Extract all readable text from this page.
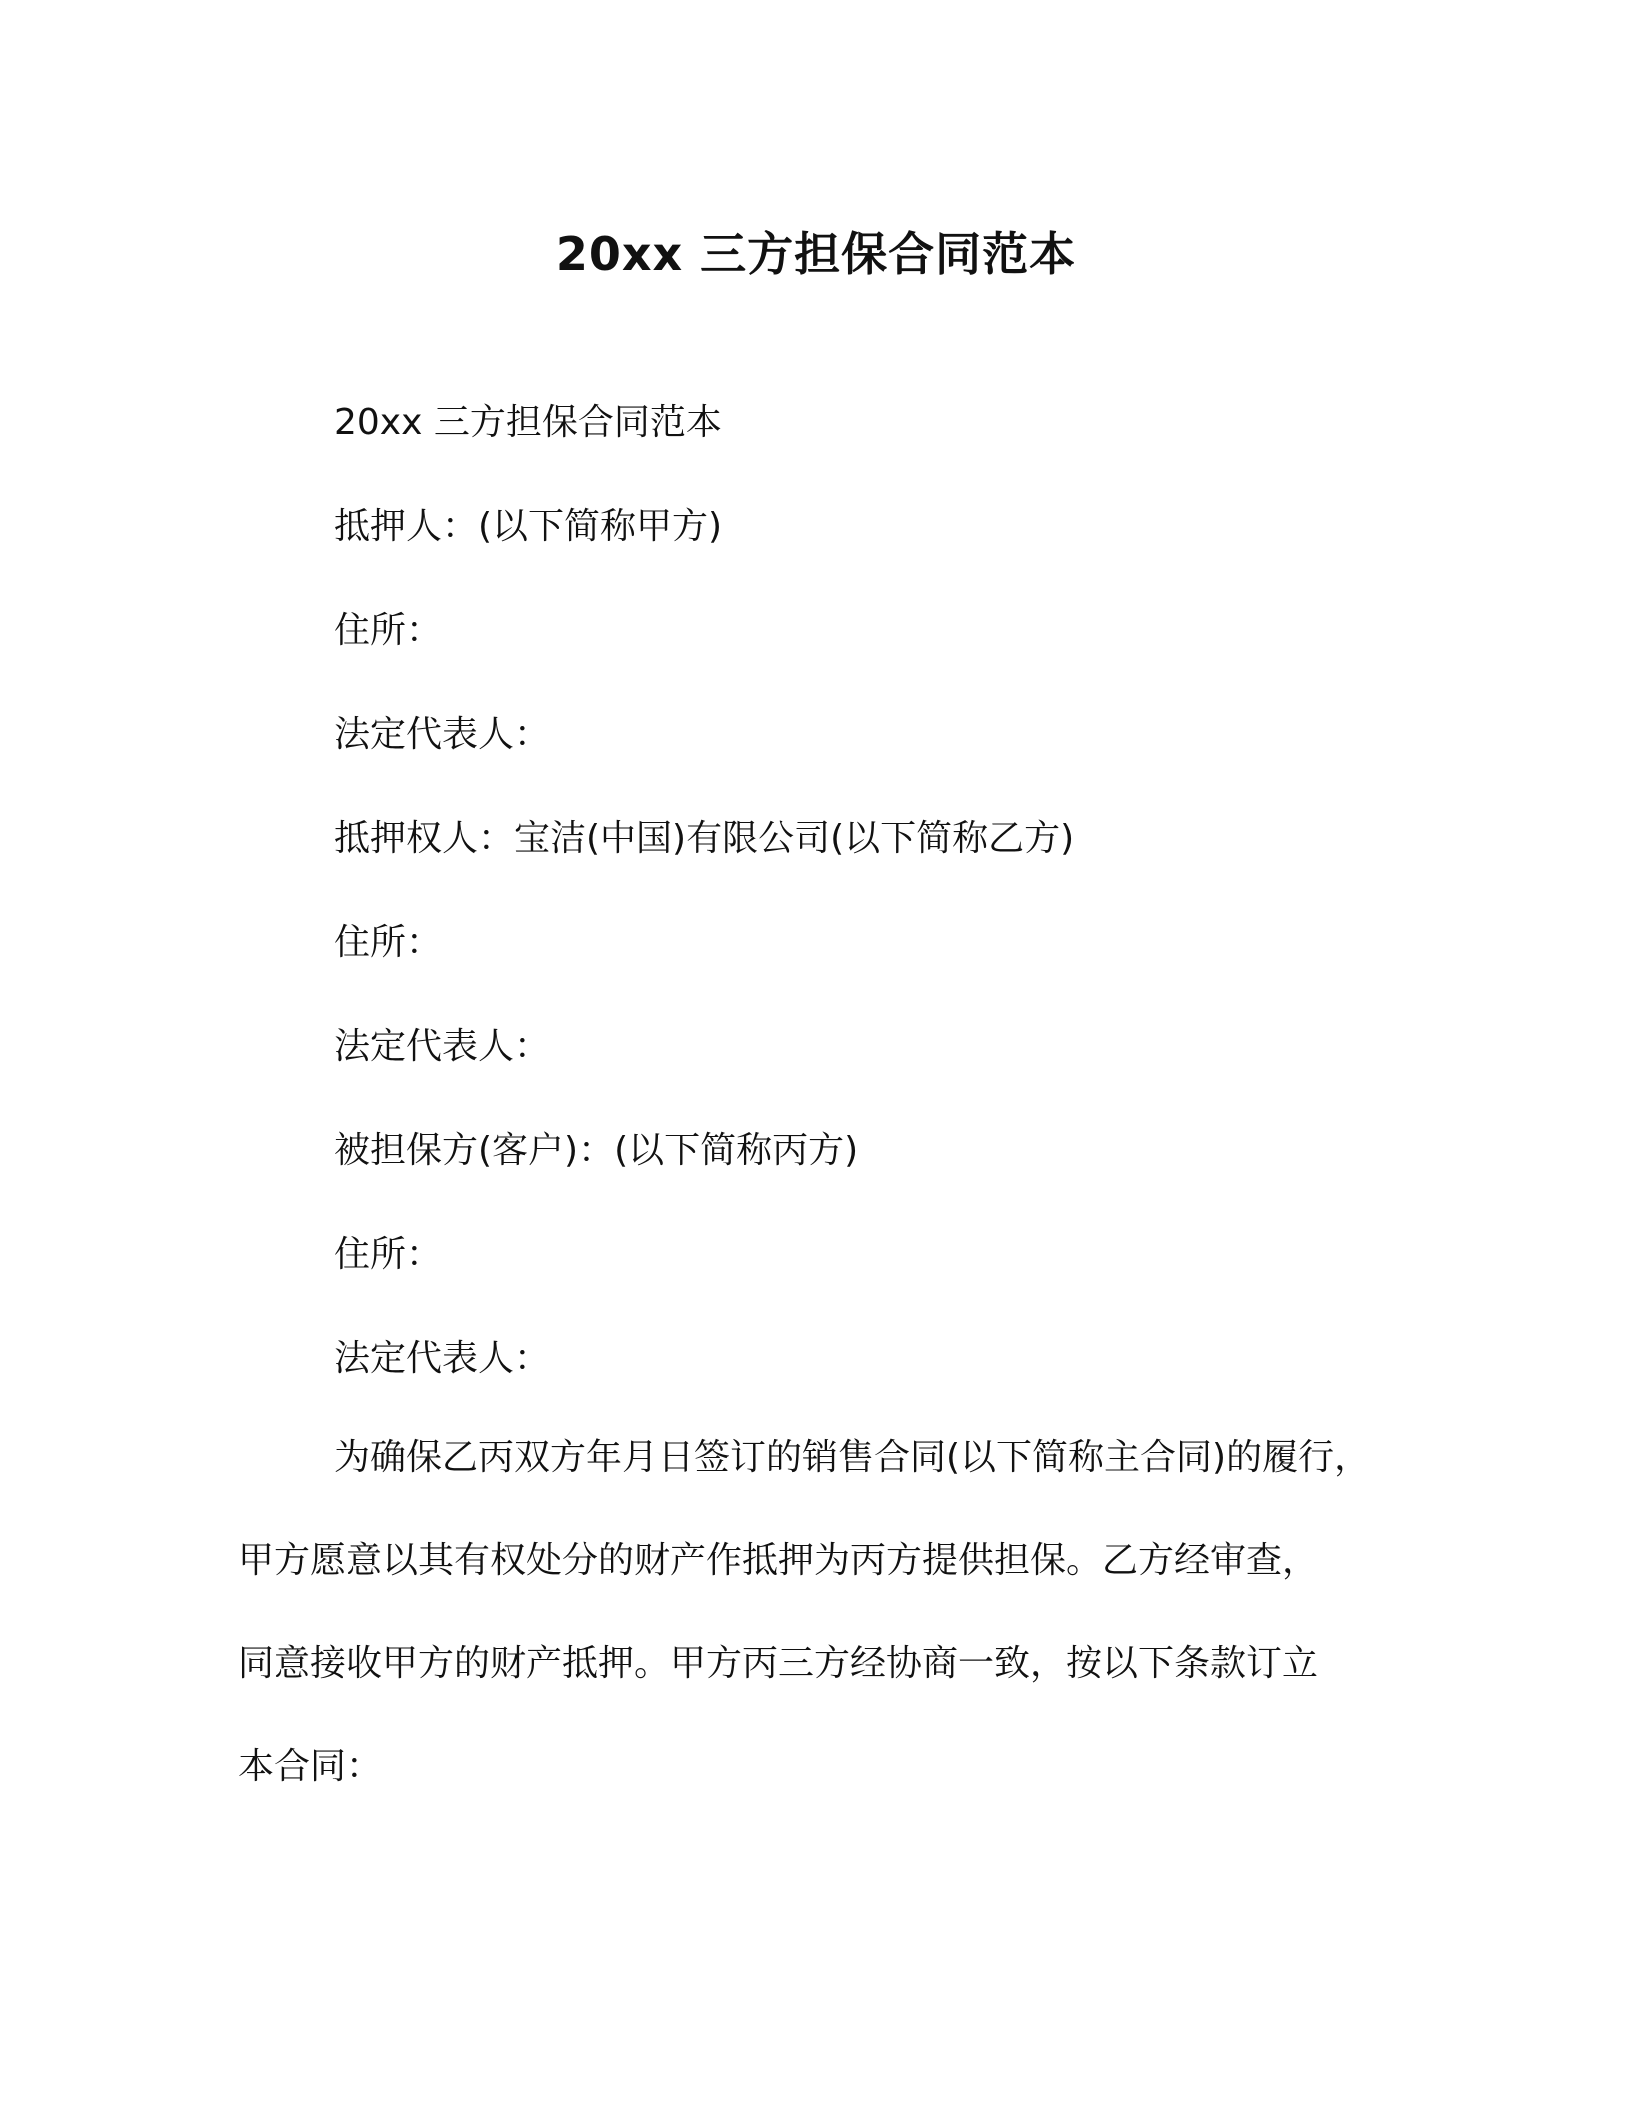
20xx 三方担保合同范本
20xx 三方担保合同范本
抵押人：(以下简称甲方)
住所：
法定代表人：
抵押权人：宝洁(中国)有限公司(以下简称乙方)
住所：
法定代表人：
被担保方(客户)：(以下简称丙方)
住所：
法定代表人：
为确保乙丙双方年月日签订的销售合同(以下简称主合同)的履行，
甲方愿意以其有权处分的财产作抵押为丙方提供担保。乙方经审查，
同意接收甲方的财产抵押。甲方丙三方经协商一致，按以下条款订立
本合同：
